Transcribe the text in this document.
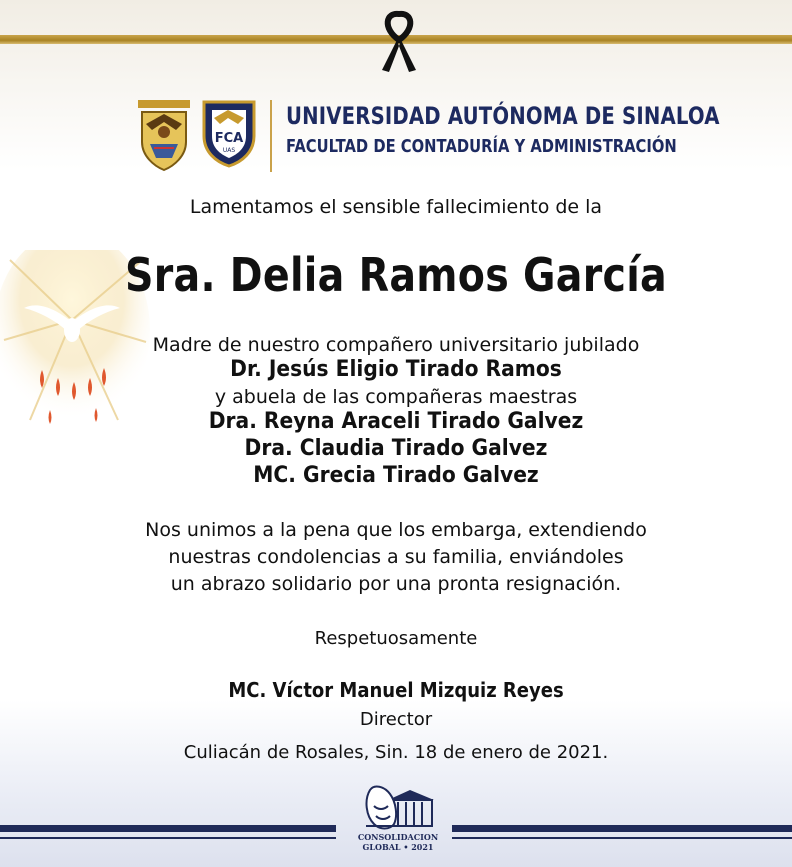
FCA
UAS
UNIVERSIDAD AUTÓNOMA DE SINALOA
FACULTAD DE CONTADURÍA Y ADMINISTRACIÓN
Lamentamos el sensible fallecimiento de la
Sra. Delia Ramos García
Madre de nuestro compañero universitario jubilado
Dr. Jesús Eligio Tirado Ramos
y abuela de las compañeras maestras
Dra. Reyna Araceli Tirado Galvez
Dra. Claudia Tirado Galvez
MC. Grecia Tirado Galvez
Nos unimos a la pena que los embarga, extendiendo
nuestras condolencias a su familia, enviándoles
un abrazo solidario por una pronta resignación.
Respetuosamente
MC. Víctor Manuel Mizquiz Reyes
Director
Culiacán de Rosales, Sin. 18 de enero de 2021.
CONSOLIDACION
GLOBAL • 2021
